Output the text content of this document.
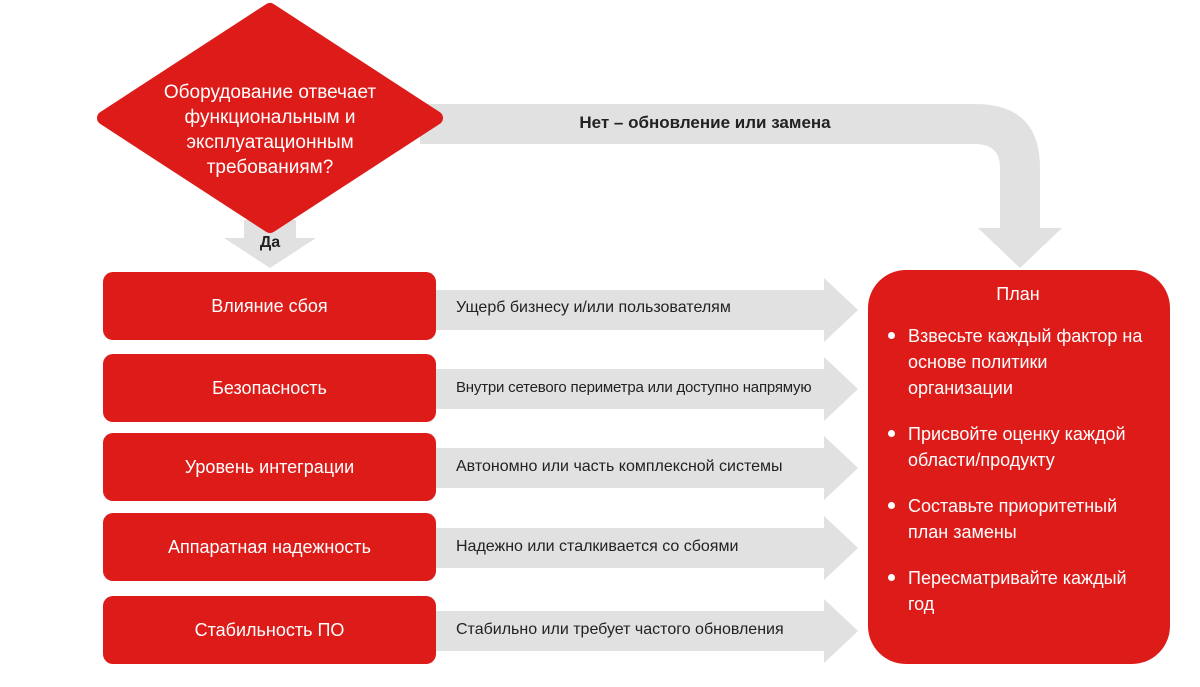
Оборудование отвечает
функциональным и
эксплуатационным
требованиям?
Да
Нет – обновление или замена
Влияние сбоя
Безопасность
Уровень интеграции
Аппаратная надежность
Стабильность ПО
Ущерб бизнесу и/или пользователям
Внутри сетевого периметра или доступно напрямую
Автономно или часть комплексной системы
Надежно или сталкивается со сбоями
Стабильно или требует частого обновления
План
Взвесьте каждый фактор на основе политики организации
Присвойте оценку каждой области/продукту
Составьте приоритетный план замены
Пересматривайте каждый год
